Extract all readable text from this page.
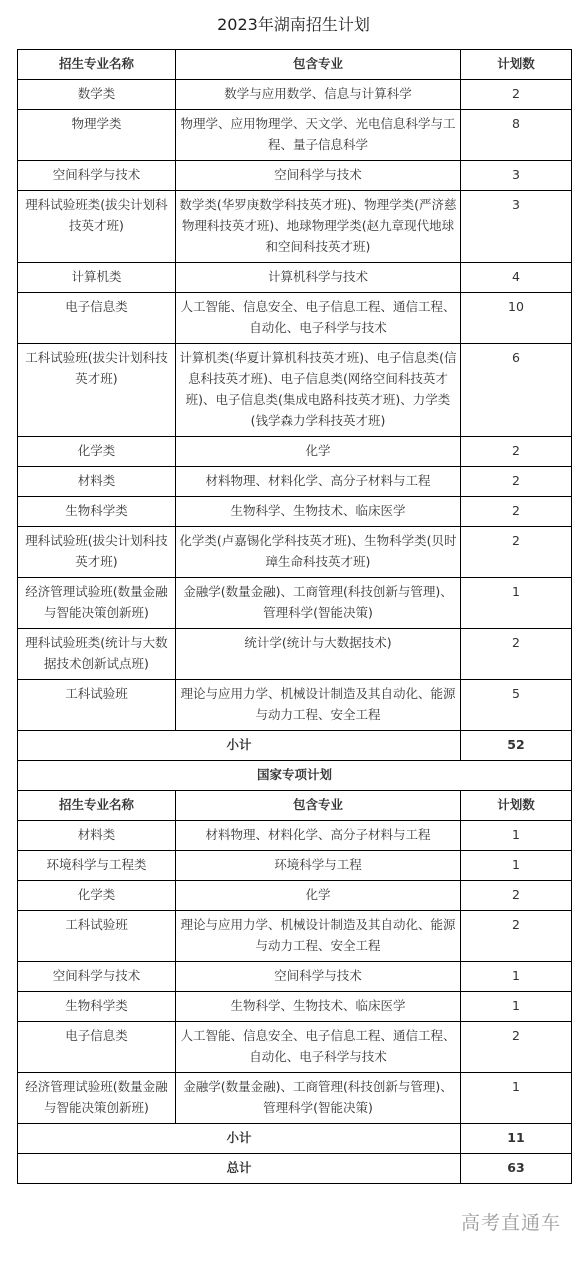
2023年湖南招生计划
招生专业名称	包含专业	计划数
数学类	数学与应用数学、信息与计算科学	2
物理学类	物理学、应用物理学、天文学、光电信息科学与工程、量子信息科学	8
空间科学与技术	空间科学与技术	3
理科试验班类(拔尖计划科技英才班)	数学类(华罗庚数学科技英才班)、物理学类(严济慈物理科技英才班)、地球物理学类(赵九章现代地球和空间科技英才班)	3
计算机类	计算机科学与技术	4
电子信息类	人工智能、信息安全、电子信息工程、通信工程、自动化、电子科学与技术	10
工科试验班(拔尖计划科技英才班)	计算机类(华夏计算机科技英才班)、电子信息类(信息科技英才班)、电子信息类(网络空间科技英才班)、电子信息类(集成电路科技英才班)、力学类(钱学森力学科技英才班)	6
化学类	化学	2
材料类	材料物理、材料化学、高分子材料与工程	2
生物科学类	生物科学、生物技术、临床医学	2
理科试验班(拔尖计划科技英才班)	化学类(卢嘉锡化学科技英才班)、生物科学类(贝时璋生命科技英才班)	2
经济管理试验班(数量金融与智能决策创新班)	金融学(数量金融)、工商管理(科技创新与管理)、管理科学(智能决策)	1
理科试验班类(统计与大数据技术创新试点班)	统计学(统计与大数据技术)	2
工科试验班	理论与应用力学、机械设计制造及其自动化、能源与动力工程、安全工程	5
小计		52
国家专项计划		
招生专业名称	包含专业	计划数
材料类	材料物理、材料化学、高分子材料与工程	1
环境科学与工程类	环境科学与工程	1
化学类	化学	2
工科试验班	理论与应用力学、机械设计制造及其自动化、能源与动力工程、安全工程	2
空间科学与技术	空间科学与技术	1
生物科学类	生物科学、生物技术、临床医学	1
电子信息类	人工智能、信息安全、电子信息工程、通信工程、自动化、电子科学与技术	2
经济管理试验班(数量金融与智能决策创新班)	金融学(数量金融)、工商管理(科技创新与管理)、管理科学(智能决策)	1
小计		11
总计		63
高考直通车
